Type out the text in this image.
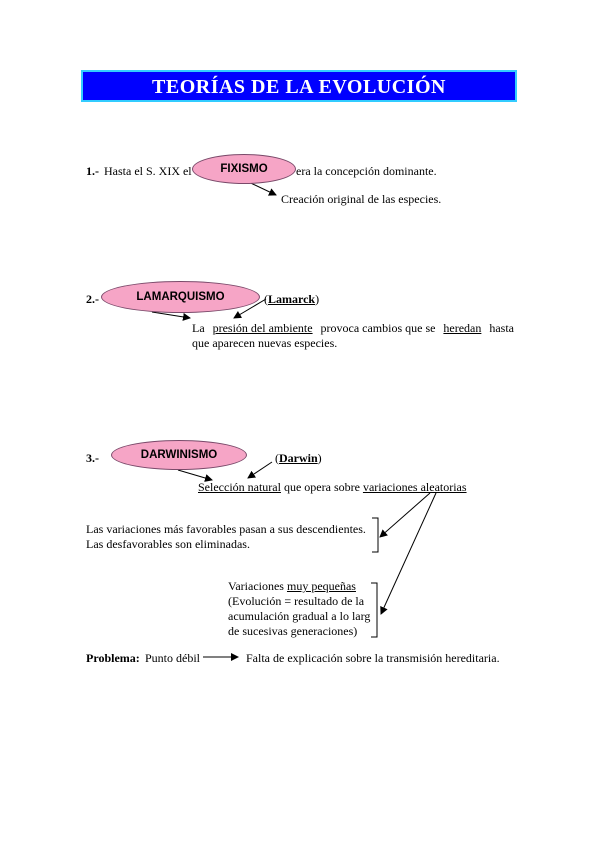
TEORÍAS DE LA EVOLUCIÓN
1.- Hasta el S. XIX el	FIXISMO	era la concepción dominante.
Creación original de las especies.
2.-	LAMARQUISMO	(Lamarck)
La presión del ambiente provoca cambios que se heredan hasta
que aparecen nuevas especies.
3.-	DARWINISMO	(Darwin)
Selección natural que opera sobre variaciones aleatorias
Las variaciones más favorables pasan a sus descendientes.
Las desfavorables son eliminadas.
Variaciones muy pequeñas
(Evolución = resultado de la
acumulación gradual a lo larg
de sucesivas generaciones)
Problema: Punto débil	Falta de explicación sobre la transmisión hereditaria.
